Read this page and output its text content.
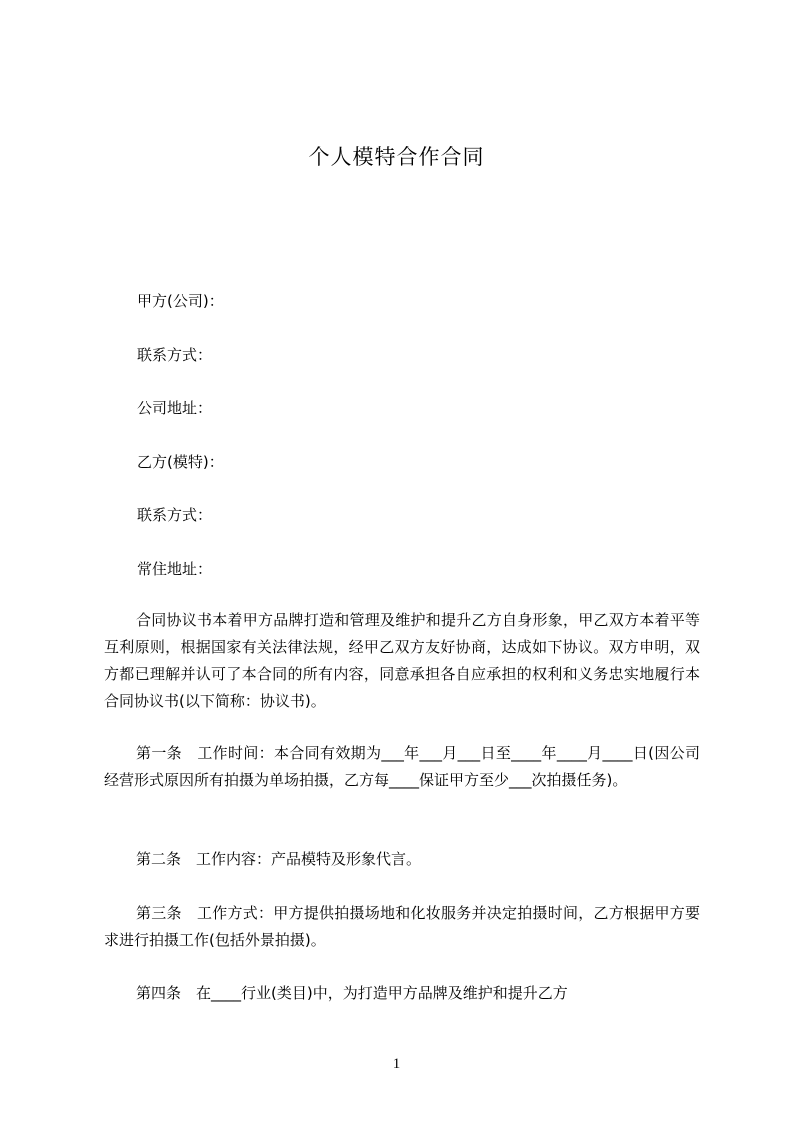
个人模特合作合同
甲方(公司)：
联系方式：
公司地址：
乙方(模特)：
联系方式：
常住地址：
合同协议书本着甲方品牌打造和管理及维护和提升乙方自身形象，甲乙双方本着平等互利原则，根据国家有关法律法规，经甲乙双方友好协商，达成如下协议。双方申明，双方都已理解并认可了本合同的所有内容，同意承担各自应承担的权利和义务忠实地履行本合同协议书(以下简称：协议书)。
第一条　工作时间：本合同有效期为___年___月___日至____年____月____日(因公司经营形式原因所有拍摄为单场拍摄，乙方每____保证甲方至少___次拍摄任务)。
第二条　工作内容：产品模特及形象代言。
第三条　工作方式：甲方提供拍摄场地和化妆服务并决定拍摄时间，乙方根据甲方要求进行拍摄工作(包括外景拍摄)。
第四条　在____行业(类目)中，为打造甲方品牌及维护和提升乙方
1
